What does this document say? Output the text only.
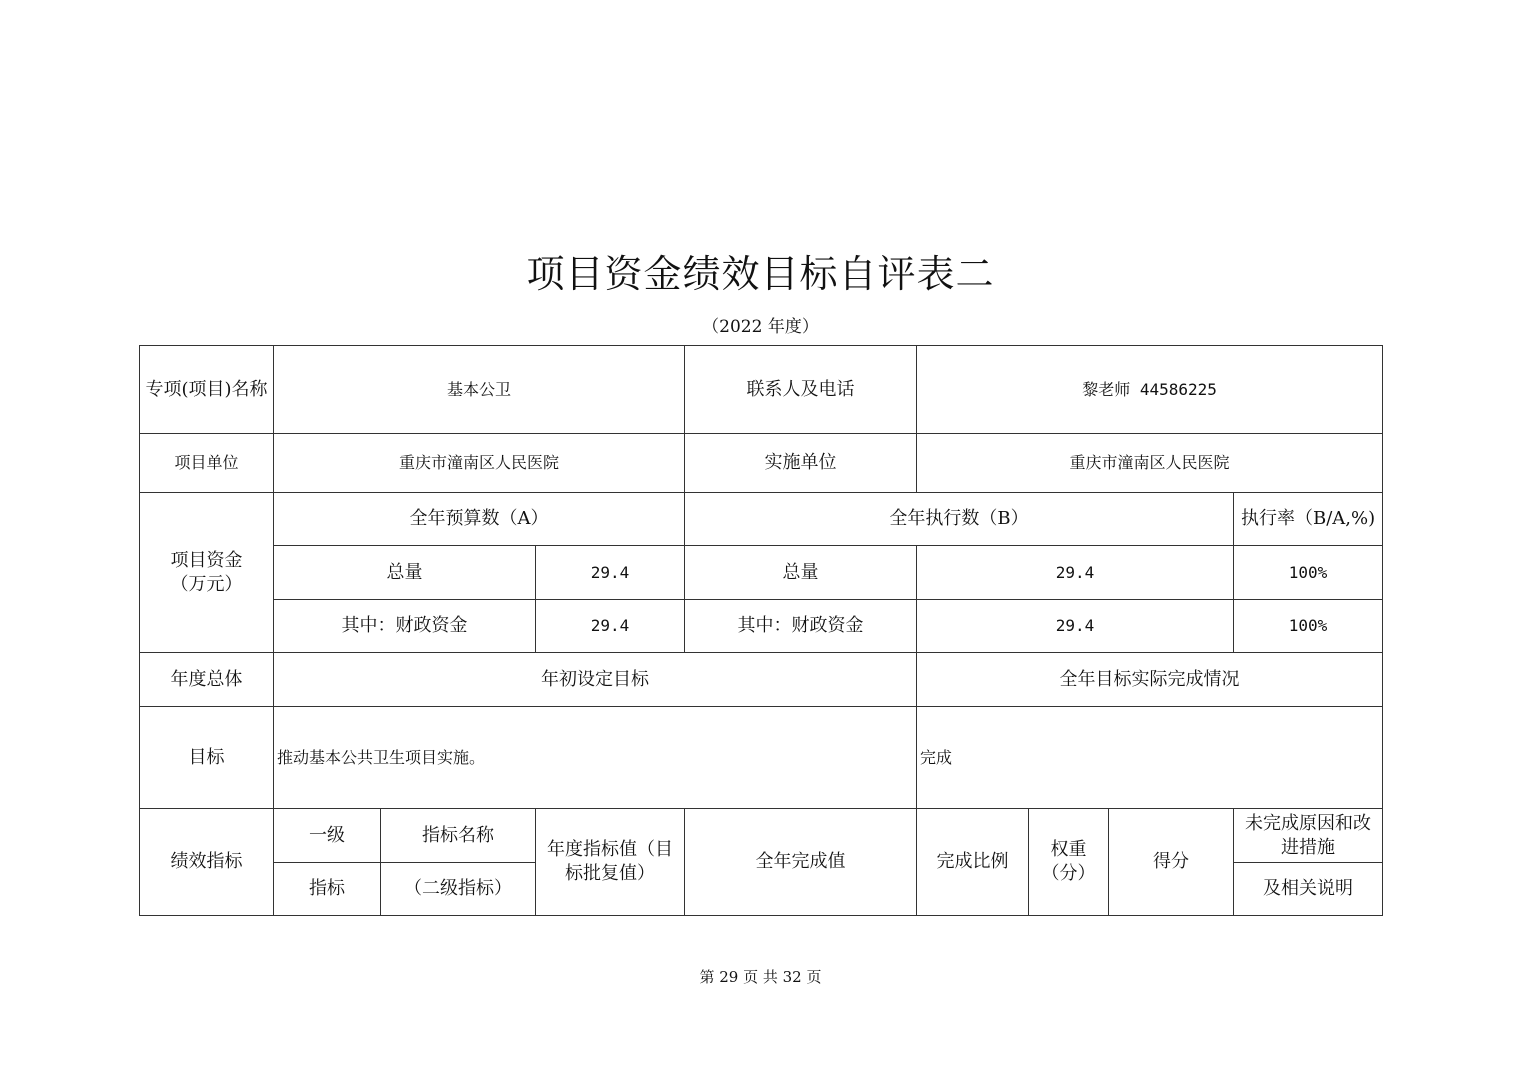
项目资金绩效目标自评表二
（2022 年度）
专项(项目)名称	基本公卫			联系人及电话	黎老师 44586225			
项目单位	重庆市潼南区人民医院			实施单位	重庆市潼南区人民医院			
项目资金（万元）	全年预算数（A）			全年执行数（B）				执行率（B/A,%)
	总量		29.4	总量	29.4			100%
	其中：财政资金		29.4	其中：财政资金	29.4			100%
年度总体	年初设定目标				全年目标实际完成情况			
目标	推动基本公共卫生项目实施。				完成			
绩效指标	一级	指标名称	年度指标值（目标批复值）	全年完成值	完成比例	权重（分）	得分	未完成原因和改进措施
	指标	（二级指标）						及相关说明
第 29 页 共 32 页
